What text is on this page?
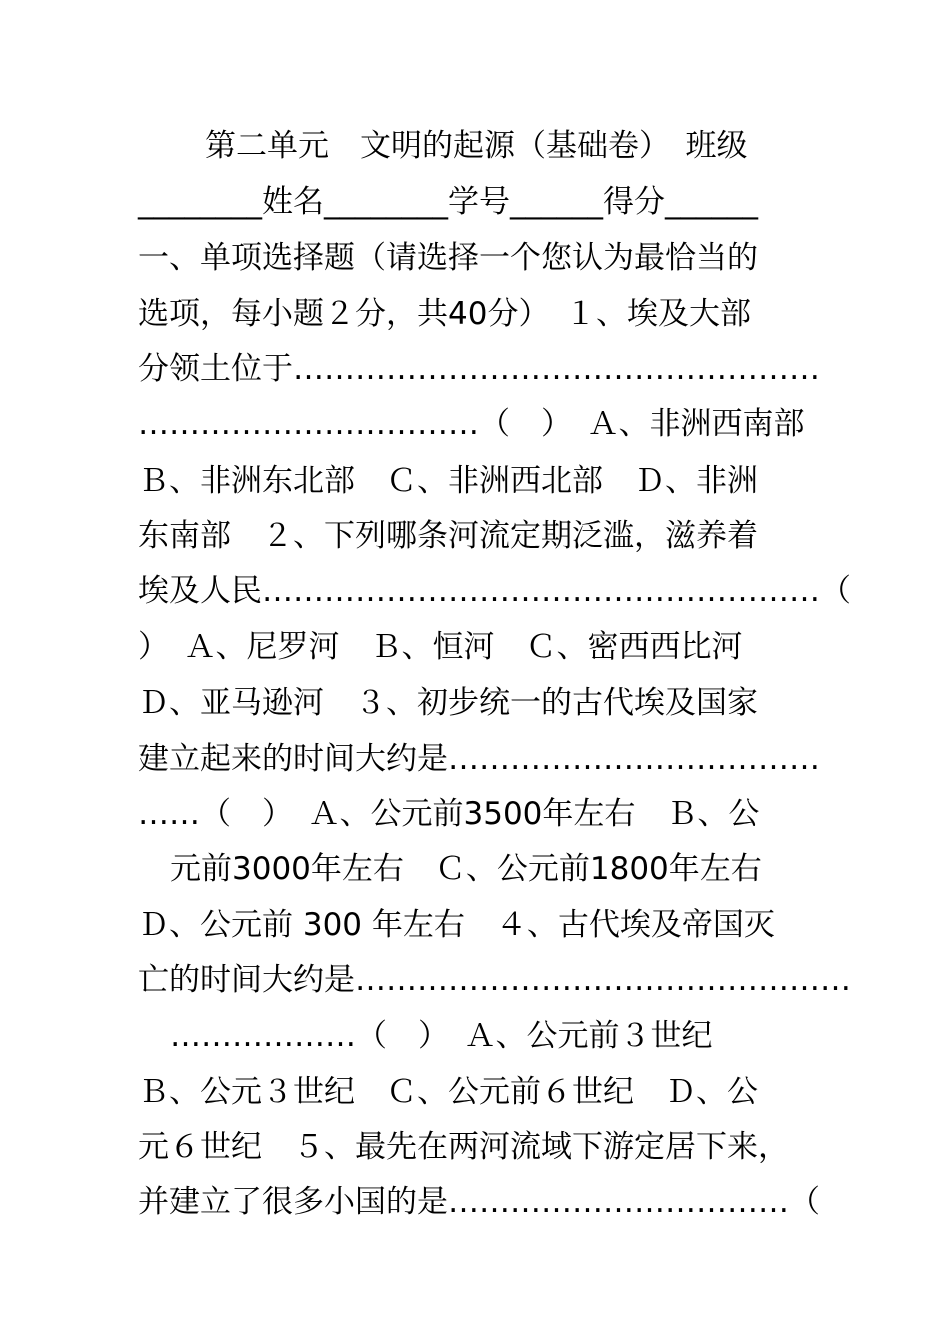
第二单元　文明的起源（基础卷）　班级
________姓名________学号______得分______
一、单项选择题（请选择一个您认为最恰当的
选项，每小题２分，共40分）　１、埃及大部
分领土位于……………………………………………
……………………………（　）　Ａ、非洲西南部
Ｂ、非洲东北部　Ｃ、非洲西北部　Ｄ、非洲
东南部　２、下列哪条河流定期泛滥，滋养着
埃及人民………………………………………………（
）　Ａ、尼罗河　Ｂ、恒河　Ｃ、密西西比河
Ｄ、亚马逊河　３、初步统一的古代埃及国家
建立起来的时间大约是………………………………
……（　）　Ａ、公元前3500年左右　Ｂ、公
元前3000年左右　Ｃ、公元前1800年左右
Ｄ、公元前 300 年左右　４、古代埃及帝国灭
亡的时间大约是…………………………………………
………………（　）　Ａ、公元前３世纪
Ｂ、公元３世纪　Ｃ、公元前６世纪　Ｄ、公
元６世纪　５、最先在两河流域下游定居下来，
并建立了很多小国的是……………………………（
